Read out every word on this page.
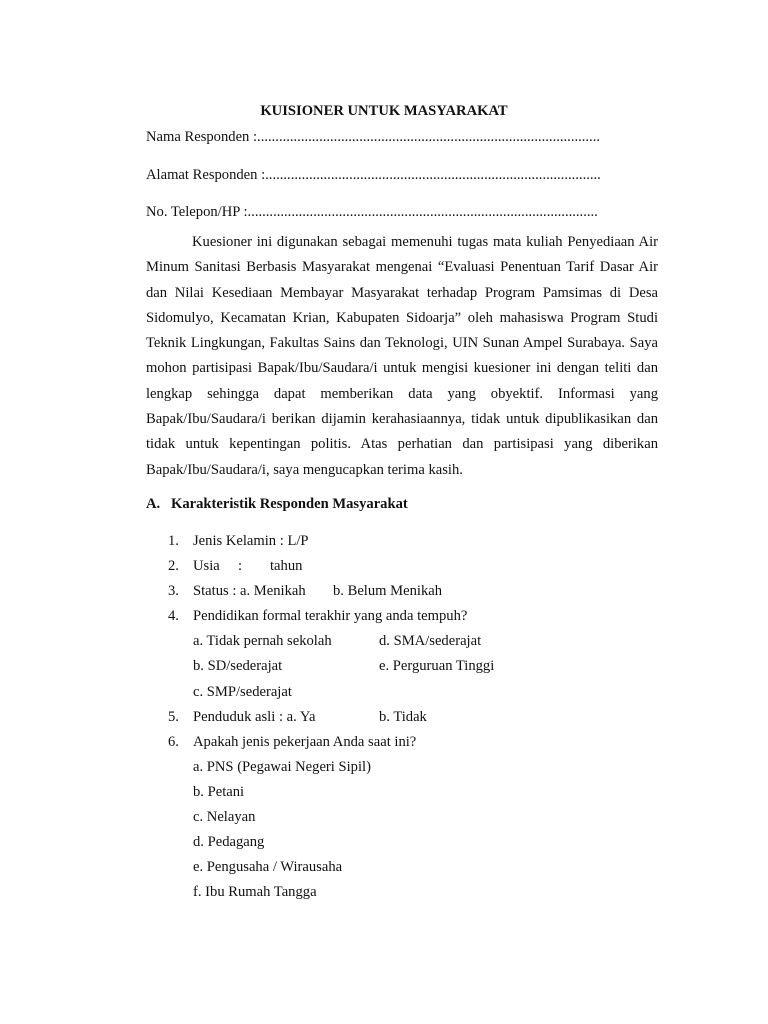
KUISIONER UNTUK MASYARAKAT
Nama Responden :..............................................................................................
Alamat Responden :............................................................................................
No. Telepon/HP :................................................................................................

Kuesioner ini digunakan sebagai memenuhi tugas mata kuliah Penyediaan Air Minum Sanitasi Berbasis Masyarakat mengenai “Evaluasi Penentuan Tarif Dasar Air dan Nilai Kesediaan Membayar Masyarakat terhadap Program Pamsimas di Desa Sidomulyo, Kecamatan Krian, Kabupaten Sidoarja” oleh mahasiswa Program Studi Teknik Lingkungan, Fakultas Sains dan Teknologi, UIN Sunan Ampel Surabaya. Saya mohon partisipasi Bapak/Ibu/Saudara/i untuk mengisi kuesioner ini dengan teliti dan lengkap sehingga dapat memberikan data yang obyektif. Informasi yang Bapak/Ibu/Saudara/i berikan dijamin kerahasiaannya, tidak untuk dipublikasikan dan tidak untuk kepentingan politis. Atas perhatian dan partisipasi yang diberikan Bapak/Ibu/Saudara/i, saya mengucapkan terima kasih.

A. Karakteristik Responden Masyarakat
1. Jenis Kelamin : L/P
2. Usia : tahun
3. Status : a. Menikah b. Belum Menikah
4. Pendidikan formal terakhir yang anda tempuh?
a. Tidak pernah sekolah	d. SMA/sederajat
b. SD/sederajat	e. Perguruan Tinggi
c. SMP/sederajat
5. Penduduk asli : a. Ya	b. Tidak
6. Apakah jenis pekerjaan Anda saat ini?
a. PNS (Pegawai Negeri Sipil)
b. Petani
c. Nelayan
d. Pedagang
e. Pengusaha / Wirausaha
f. Ibu Rumah Tangga
